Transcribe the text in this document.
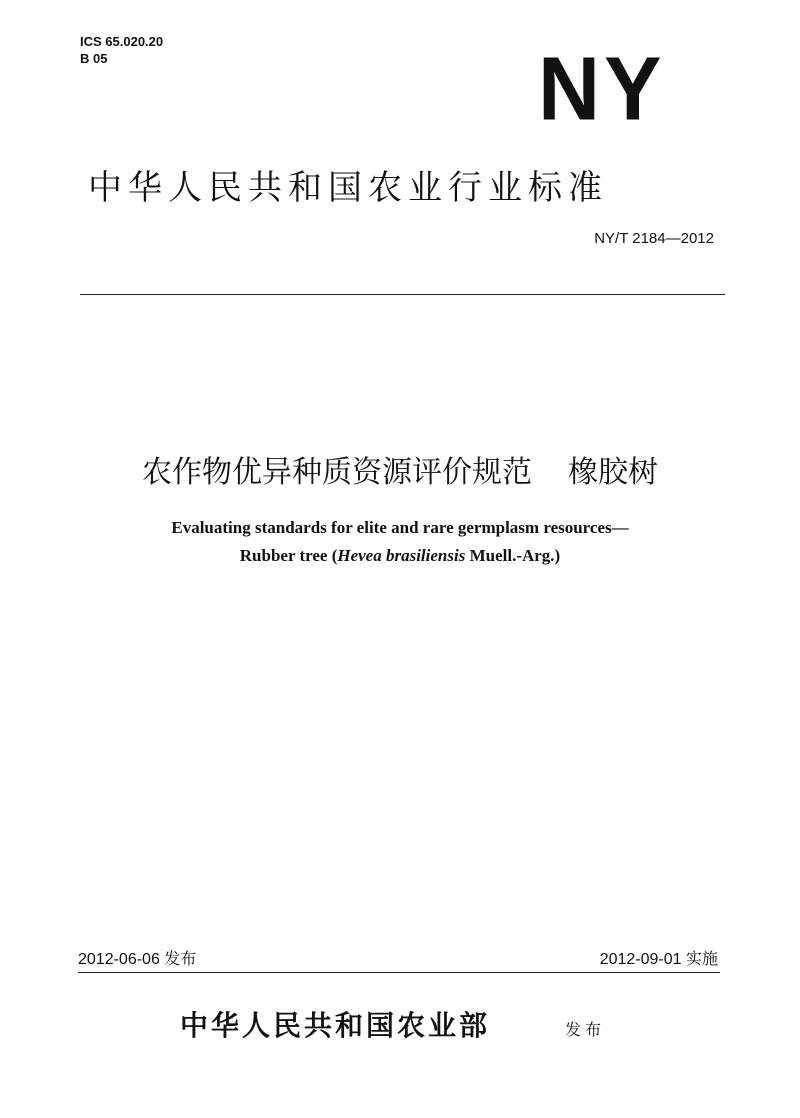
ICS 65.020.20
B 05	NY
中华人民共和国农业行业标准
NY/T 2184—2012
农作物优异种质资源评价规范 橡胶树
Evaluating standards for elite and rare germplasm resources—
Rubber tree (Hevea brasiliensis Muell.-Arg.)
2012-06-06 发布	2012-09-01 实施
中华人民共和国农业部	发布
